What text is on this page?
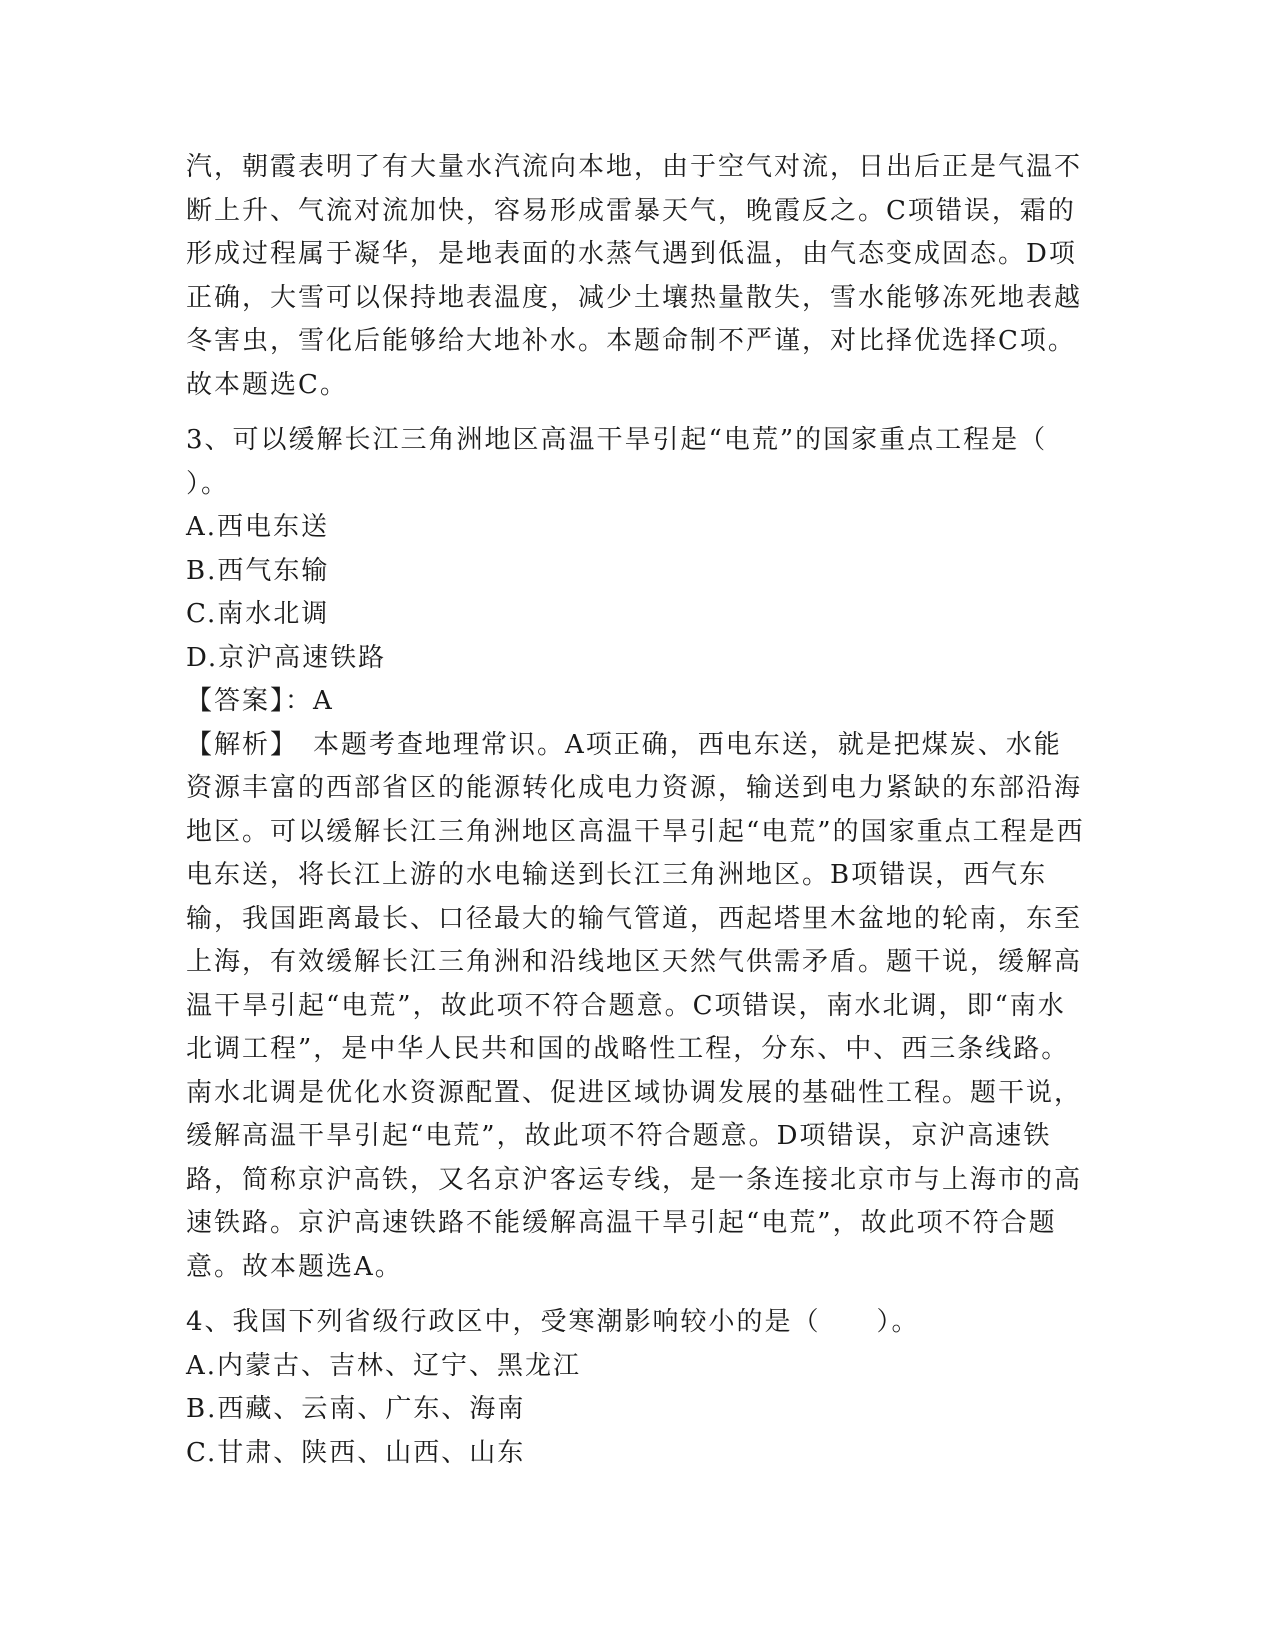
汽，朝霞表明了有大量水汽流向本地，由于空气对流，日出后正是气温不断上升、气流对流加快，容易形成雷暴天气，晚霞反之。C项错误，霜的形成过程属于凝华，是地表面的水蒸气遇到低温，由气态变成固态。D项正确，大雪可以保持地表温度，减少土壤热量散失，雪水能够冻死地表越冬害虫，雪化后能够给大地补水。本题命制不严谨，对比择优选择C项。故本题选C。

3、可以缓解长江三角洲地区高温干旱引起“电荒”的国家重点工程是（　　）。

A.西电东送

B.西气东输

C.南水北调

D.京沪高速铁路

【答案】：A

【解析】　本题考查地理常识。A项正确，西电东送，就是把煤炭、水能资源丰富的西部省区的能源转化成电力资源，输送到电力紧缺的东部沿海地区。可以缓解长江三角洲地区高温干旱引起“电荒”的国家重点工程是西电东送，将长江上游的水电输送到长江三角洲地区。B项错误，西气东输，我国距离最长、口径最大的输气管道，西起塔里木盆地的轮南，东至上海，有效缓解长江三角洲和沿线地区天然气供需矛盾。题干说，缓解高温干旱引起“电荒”，故此项不符合题意。C项错误，南水北调，即“南水北调工程”，是中华人民共和国的战略性工程，分东、中、西三条线路。南水北调是优化水资源配置、促进区域协调发展的基础性工程。题干说，缓解高温干旱引起“电荒”，故此项不符合题意。D项错误，京沪高速铁路，简称京沪高铁，又名京沪客运专线，是一条连接北京市与上海市的高速铁路。京沪高速铁路不能缓解高温干旱引起“电荒”，故此项不符合题意。故本题选A。

4、我国下列省级行政区中，受寒潮影响较小的是（　　）。

A.内蒙古、吉林、辽宁、黑龙江

B.西藏、云南、广东、海南

C.甘肃、陕西、山西、山东
